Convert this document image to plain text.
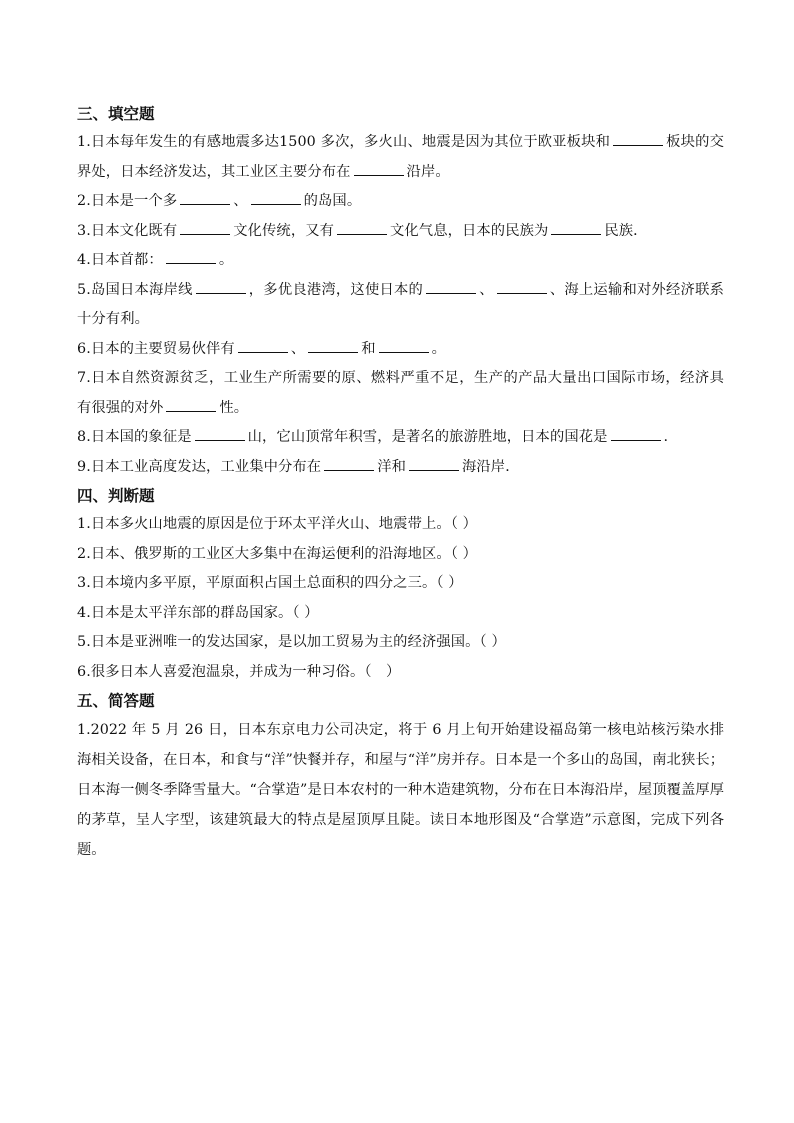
三、填空题

1.日本每年发生的有感地震多达1500 多次，多火山、地震是因为其位于欧亚板块和	板块的交界处，日本经济发达，其工业区主要分布在	沿岸。

2.日本是一个多	、	的岛国。

3.日本文化既有	文化传统，又有	文化气息，日本的民族为	民族．

4.日本首都：	。

5.岛国日本海岸线	，多优良港湾，这使日本的	、	、海上运输和对外经济联系十分有利。

6.日本的主要贸易伙伴有	、	和	。

7.日本自然资源贫乏，工业生产所需要的原、燃料严重不足，生产的产品大量出口国际市场，经济具有很强的对外	性。

8.日本国的象征是	山，它山顶常年积雪，是著名的旅游胜地，日本的国花是	.

9.日本工业高度发达，工业集中分布在	洋和	海沿岸．

四、判断题

1.日本多火山地震的原因是位于环太平洋火山、地震带上。（ ）

2.日本、俄罗斯的工业区大多集中在海运便利的沿海地区。（ ）

3.日本境内多平原，平原面积占国土总面积的四分之三。（ ）

4.日本是太平洋东部的群岛国家。（ ）

5.日本是亚洲唯一的发达国家，是以加工贸易为主的经济强国。（ ）

6.很多日本人喜爱泡温泉，并成为一种习俗。（　）

五、简答题

1.2022 年 5 月 26 日，日本东京电力公司决定，将于 6 月上旬开始建设福岛第一核电站核污染水排海相关设备，在日本，和食与“洋”快餐并存，和屋与“洋”房并存。日本是一个多山的岛国，南北狭长；日本海一侧冬季降雪量大。“合掌造”是日本农村的一种木造建筑物，分布在日本海沿岸，屋顶覆盖厚厚的茅草，呈人字型，该建筑最大的特点是屋顶厚且陡。读日本地形图及“合掌造”示意图，完成下列各题。
